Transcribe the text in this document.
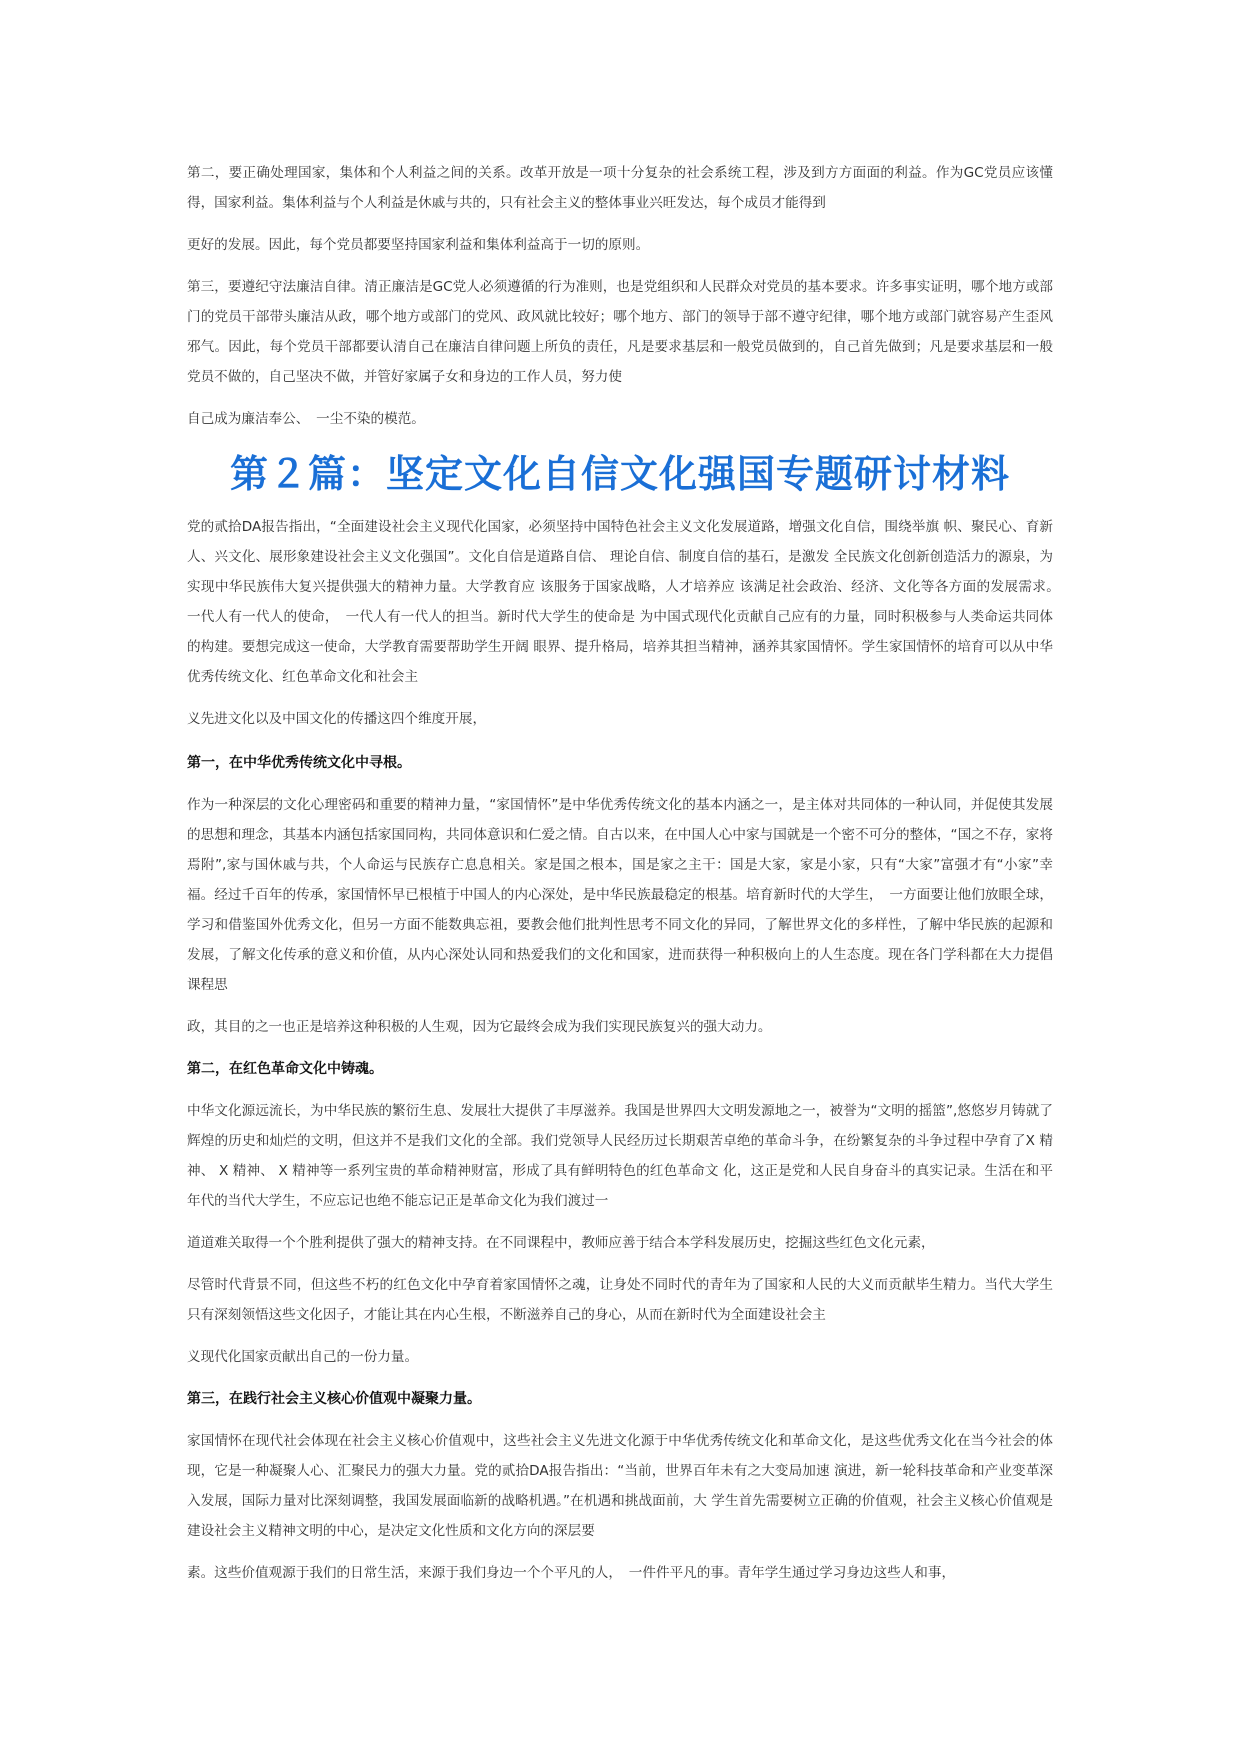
第二，要正确处理国家，集体和个人利益之间的关系。改革开放是一项十分复杂的社会系统工程，涉及到方方面面的利益。作为GC党员应该懂得，国家利益。集体利益与个人利益是休戚与共的，只有社会主义的整体事业兴旺发达，每个成员才能得到

更好的发展。因此，每个党员都要坚持国家利益和集体利益高于一切的原则。

第三，要遵纪守法廉洁自律。清正廉洁是GC党人必须遵循的行为准则，也是党组织和人民群众对党员的基本要求。许多事实证明，哪个地方或部门的党员干部带头廉洁从政，哪个地方或部门的党风、政风就比较好；哪个地方、部门的领导于部不遵守纪律，哪个地方或部门就容易产生歪风邪气。因此，每个党员干部都要认清自己在廉洁自律问题上所负的责任，凡是要求基层和一般党员做到的，自己首先做到；凡是要求基层和一般党员不做的，自己坚决不做，并管好家属子女和身边的工作人员，努力使

自己成为廉洁奉公、　一尘不染的模范。

第２篇：坚定文化自信文化强国专题研讨材料

党的贰拾DA报告指出，“全面建设社会主义现代化国家，必须坚持中国特色社会主义文化发展道路，增强文化自信，围绕举旗 帜、聚民心、育新人、兴文化、展形象建设社会主义文化强国”。文化自信是道路自信、 理论自信、制度自信的基石，是激发 全民族文化创新创造活力的源泉，为实现中华民族伟大复兴提供强大的精神力量。大学教育应 该服务于国家战略，人才培养应 该满足社会政治、经济、文化等各方面的发展需求。　一代人有一代人的使命，　一代人有一代人的担当。新时代大学生的使命是 为中国式现代化贡献自己应有的力量，同时积极参与人类命运共同体的构建。要想完成这一使命，大学教育需要帮助学生开阔 眼界、提升格局，培养其担当精神，涵养其家国情怀。学生家国情怀的培育可以从中华优秀传统文化、红色革命文化和社会主

义先进文化以及中国文化的传播这四个维度开展，

第一，在中华优秀传统文化中寻根。

作为一种深层的文化心理密码和重要的精神力量，“家国情怀”是中华优秀传统文化的基本内涵之一，是主体对共同体的一种认同，并促使其发展的思想和理念，其基本内涵包括家国同构，共同体意识和仁爱之情。自古以来，在中国人心中家与国就是一个密不可分的整体，“国之不存，家将焉附”,家与国休戚与共，个人命运与民族存亡息息相关。家是国之根本，国是家之主干：国是大家，家是小家，只有“大家”富强才有“小家”幸福。经过千百年的传承，家国情怀早已根植于中国人的内心深处，是中华民族最稳定的根基。培育新时代的大学生，　一方面要让他们放眼全球，学习和借鉴国外优秀文化，但另一方面不能数典忘祖，要教会他们批判性思考不同文化的异同，了解世界文化的多样性，了解中华民族的起源和发展，了解文化传承的意义和价值，从内心深处认同和热爱我们的文化和国家，进而获得一种积极向上的人生态度。现在各门学科都在大力提倡课程思

政，其目的之一也正是培养这种积极的人生观，因为它最终会成为我们实现民族复兴的强大动力。

第二，在红色革命文化中铸魂。

中华文化源远流长，为中华民族的繁衍生息、发展壮大提供了丰厚滋养。我国是世界四大文明发源地之一，被誉为“文明的摇篮”,悠悠岁月铸就了辉煌的历史和灿烂的文明，但这并不是我们文化的全部。我们党领导人民经历过长期艰苦卓绝的革命斗争，在纷繁复杂的斗争过程中孕育了X 精神、 X 精神、 X 精神等一系列宝贵的革命精神财富，形成了具有鲜明特色的红色革命文 化，这正是党和人民自身奋斗的真实记录。生活在和平年代的当代大学生，不应忘记也绝不能忘记正是革命文化为我们渡过一

道道难关取得一个个胜利提供了强大的精神支持。在不同课程中，教师应善于结合本学科发展历史，挖掘这些红色文化元素，

尽管时代背景不同，但这些不朽的红色文化中孕育着家国情怀之魂，让身处不同时代的青年为了国家和人民的大义而贡献毕生精力。当代大学生只有深刻领悟这些文化因子，才能让其在内心生根，不断滋养自己的身心，从而在新时代为全面建设社会主

义现代化国家贡献出自己的一份力量。

第三，在践行社会主义核心价值观中凝聚力量。

家国情怀在现代社会体现在社会主义核心价值观中，这些社会主义先进文化源于中华优秀传统文化和革命文化，是这些优秀文化在当今社会的体现，它是一种凝聚人心、汇聚民力的强大力量。党的贰拾DA报告指出：“当前，世界百年未有之大变局加速 演进，新一轮科技革命和产业变革深入发展，国际力量对比深刻调整，我国发展面临新的战略机遇。”在机遇和挑战面前，大 学生首先需要树立正确的价值观，社会主义核心价值观是建设社会主义精神文明的中心，是决定文化性质和文化方向的深层要

素。这些价值观源于我们的日常生活，来源于我们身边一个个平凡的人，　一件件平凡的事。青年学生通过学习身边这些人和事，
